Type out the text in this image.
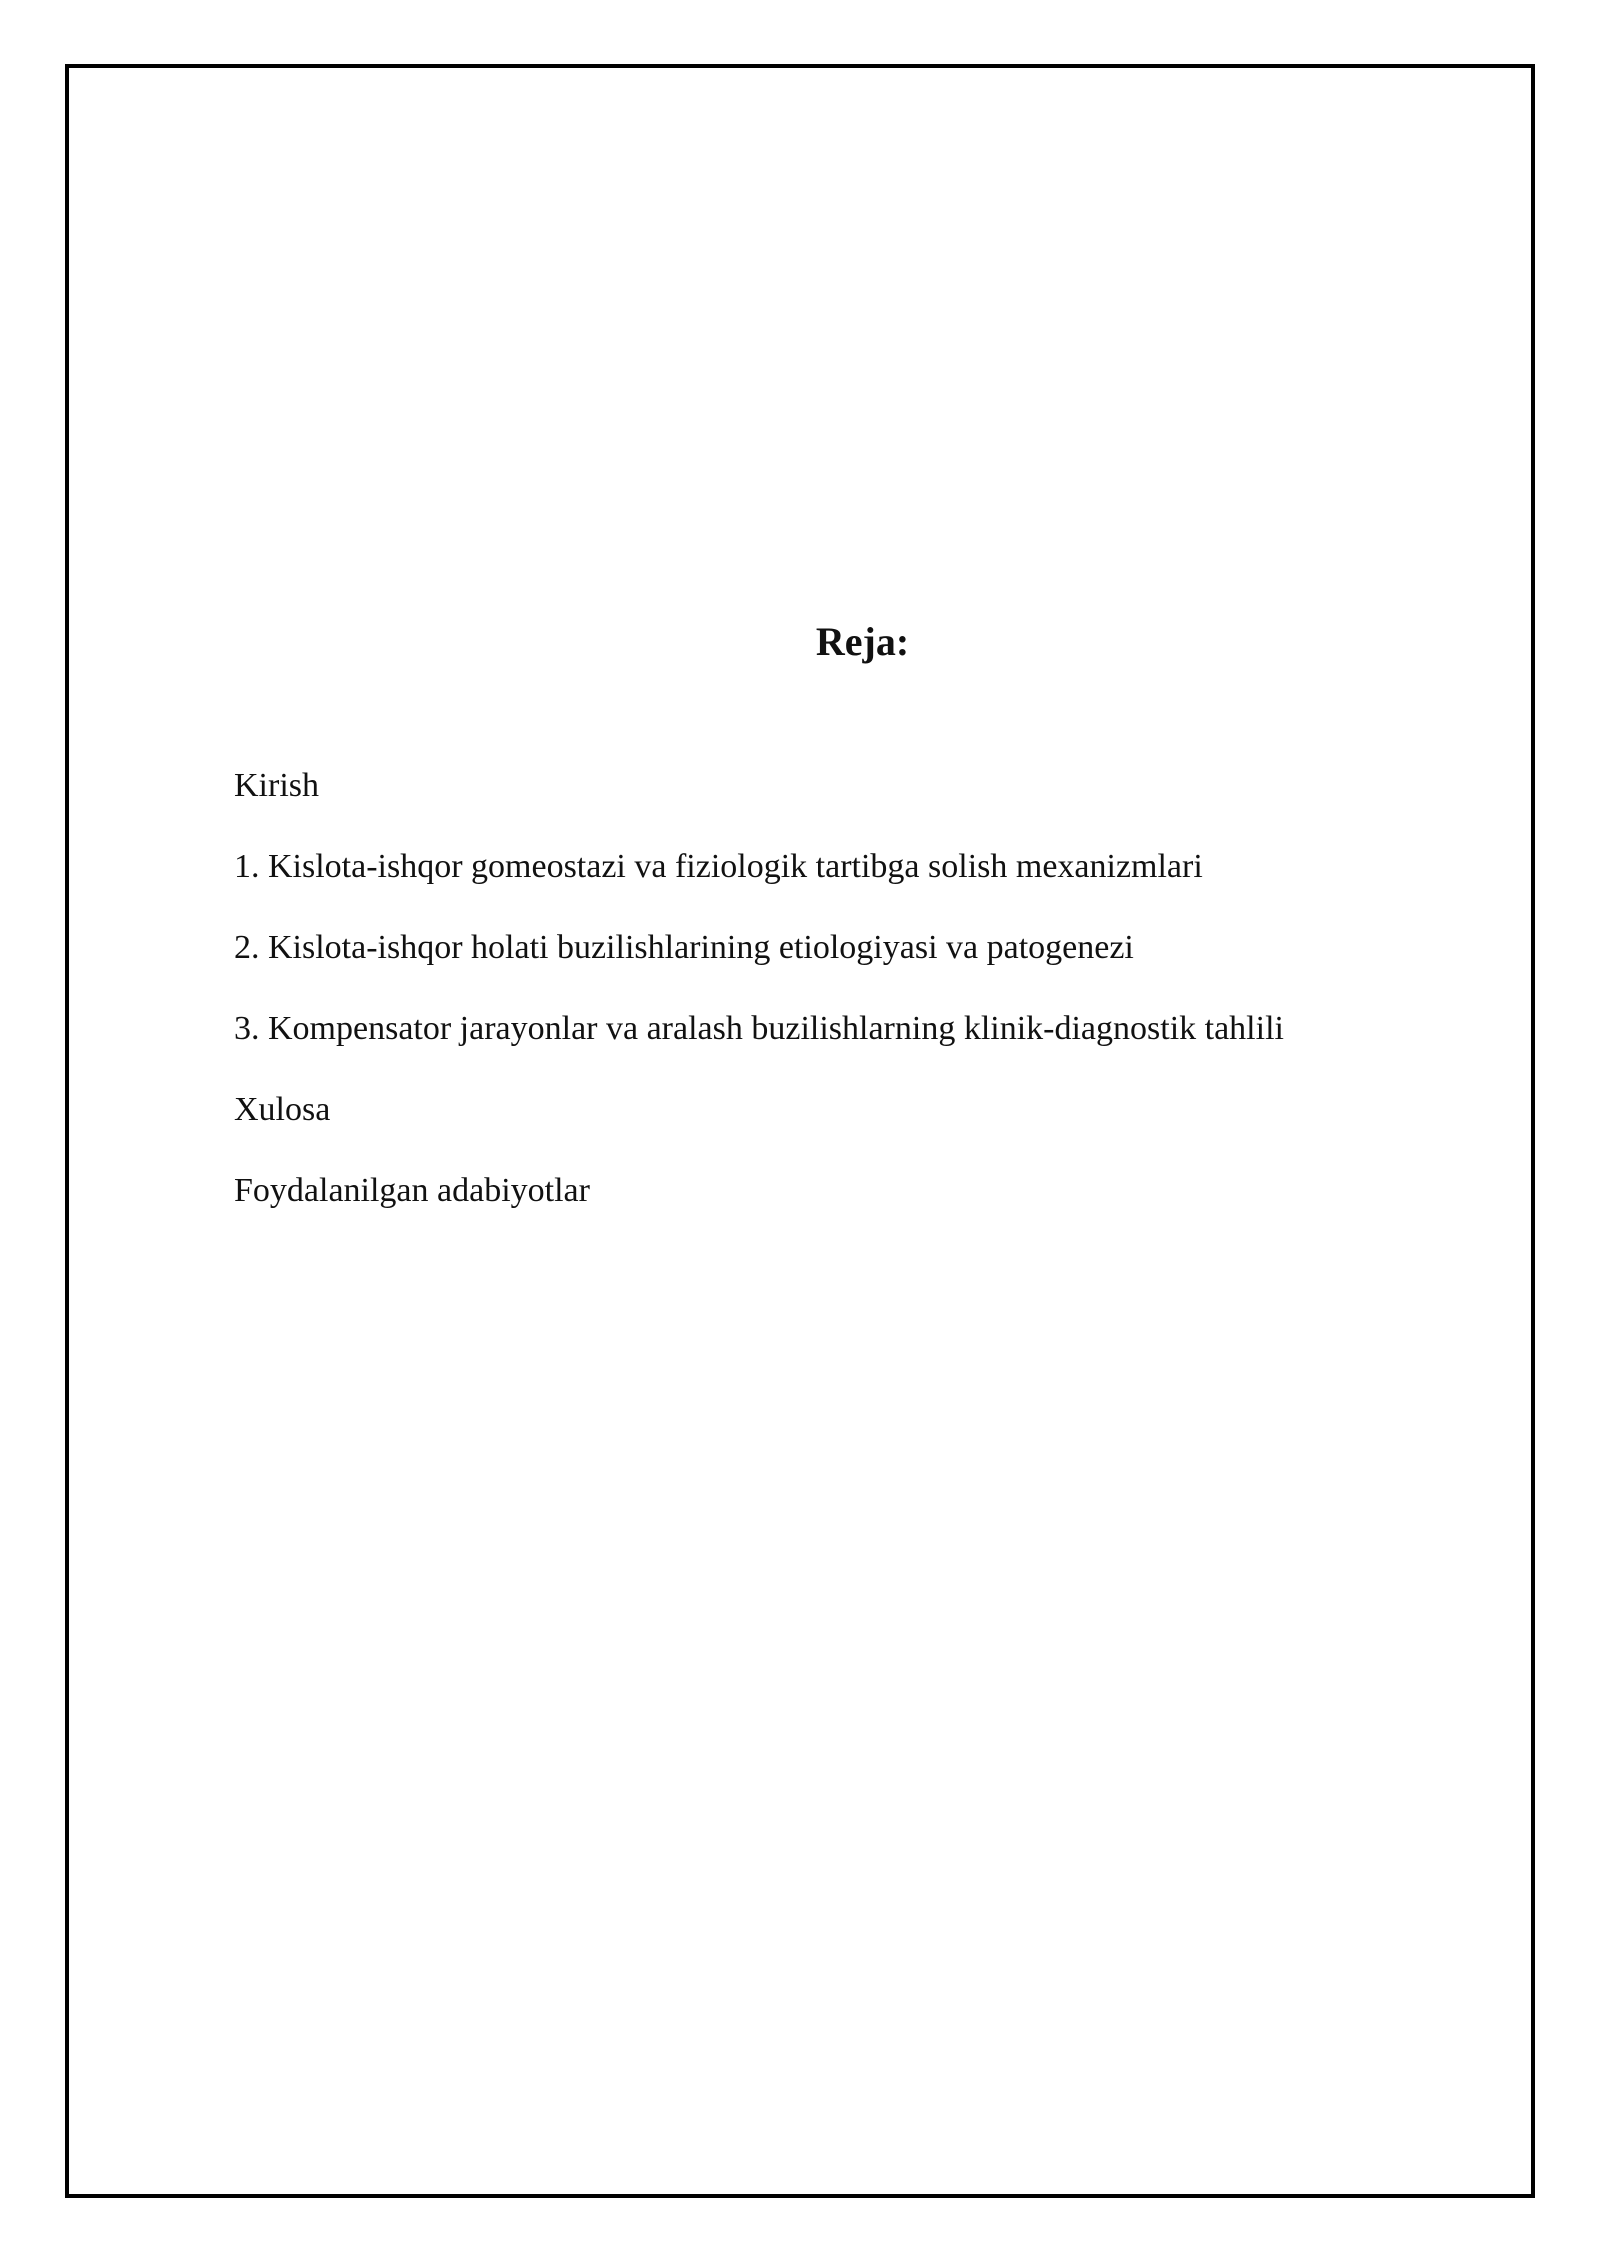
Reja:
Kirish
1. Kislota-ishqor gomeostazi va fiziologik tartibga solish mexanizmlari
2. Kislota-ishqor holati buzilishlarining etiologiyasi va patogenezi
3. Kompensator jarayonlar va aralash buzilishlarning klinik-diagnostik tahlili
Xulosa
Foydalanilgan adabiyotlar
